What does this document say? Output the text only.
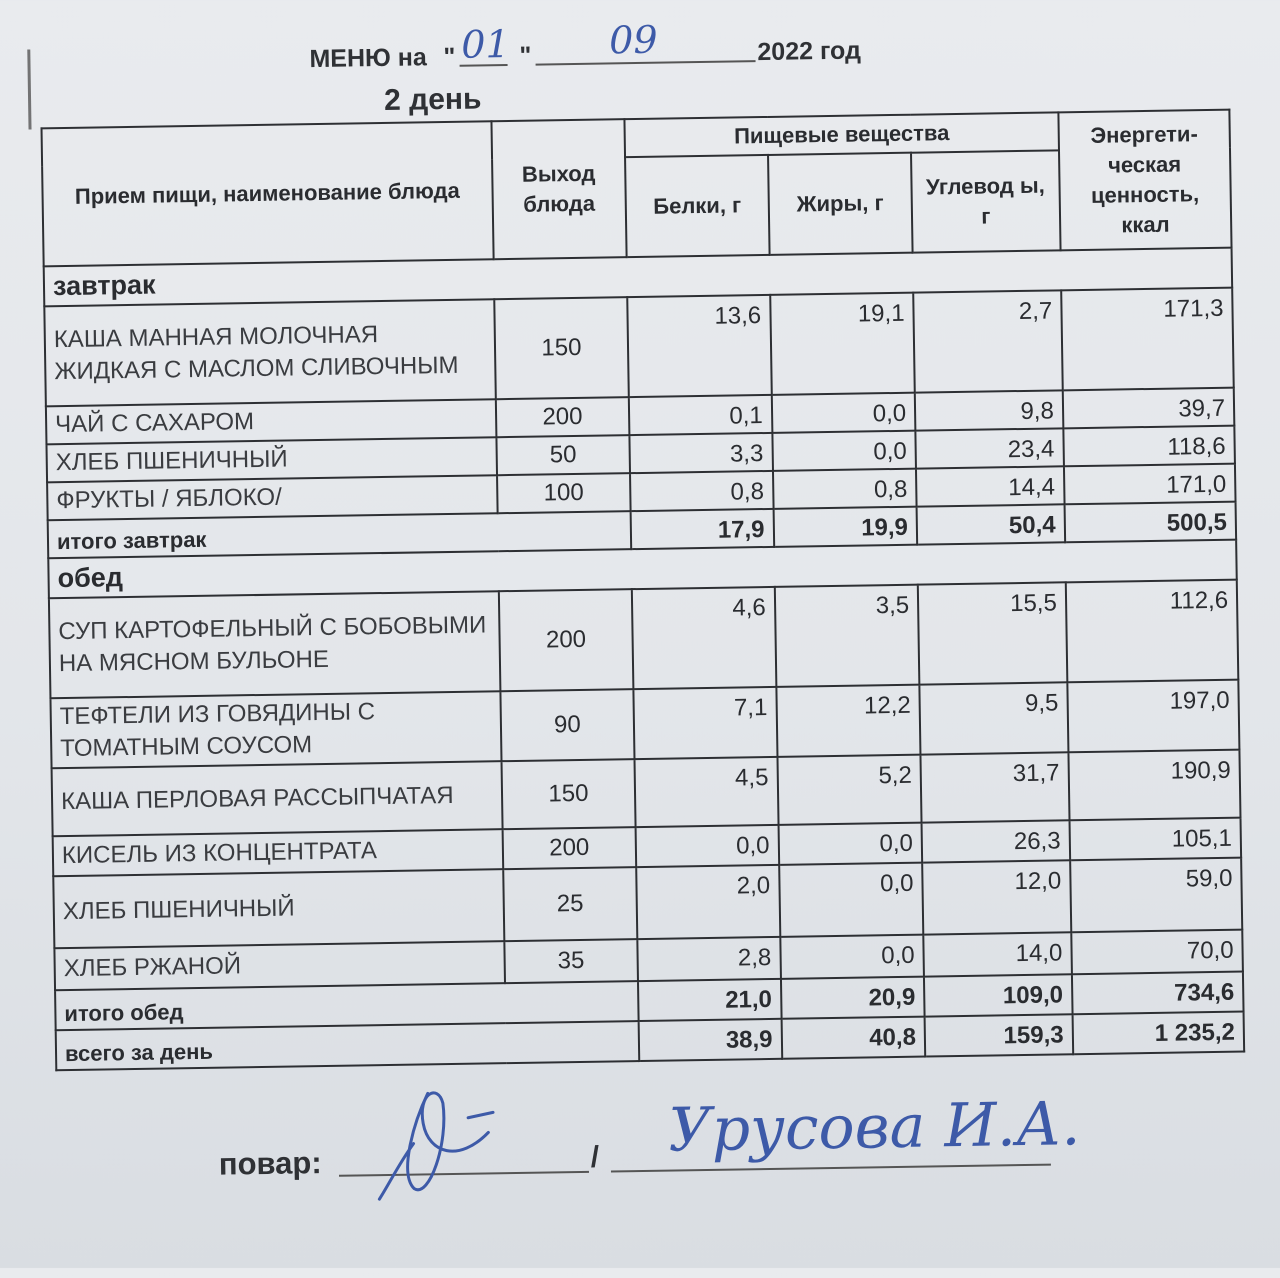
МЕНЮ на " 01 " 09	2022 год
2 день
Прием пищи, наименование блюда	Выход блюда	Пищевые вещества			Энергети- ческая ценность, ккал
		Белки, г	Жиры, г	Углевод ы, г	
завтрак					
КАША МАННАЯ МОЛОЧНАЯ ЖИДКАЯ С МАСЛОМ СЛИВОЧНЫМ	150	13,6	19,1	2,7	171,3
ЧАЙ С САХАРОМ	200	0,1	0,0	9,8	39,7
ХЛЕБ ПШЕНИЧНЫЙ	50	3,3	0,0	23,4	118,6
ФРУКТЫ / ЯБЛОКО/	100	0,8	0,8	14,4	171,0
итого завтрак		17,9	19,9	50,4	500,5
обед					
СУП КАРТОФЕЛЬНЫЙ С БОБОВЫМИ НА МЯСНОМ БУЛЬОНЕ	200	4,6	3,5	15,5	112,6
ТЕФТЕЛИ ИЗ ГОВЯДИНЫ С ТОМАТНЫМ СОУСОМ	90	7,1	12,2	9,5	197,0
КАША ПЕРЛОВАЯ РАССЫПЧАТАЯ	150	4,5	5,2	31,7	190,9
КИСЕЛЬ ИЗ КОНЦЕНТРАТА	200	0,0	0,0	26,3	105,1
ХЛЕБ ПШЕНИЧНЫЙ	25	2,0	0,0	12,0	59,0
ХЛЕБ РЖАНОЙ	35	2,8	0,0	14,0	70,0
итого обед		21,0	20,9	109,0	734,6
всего за день		38,9	40,8	159,3	1 235,2
повар:	/ Урусова И.А.
